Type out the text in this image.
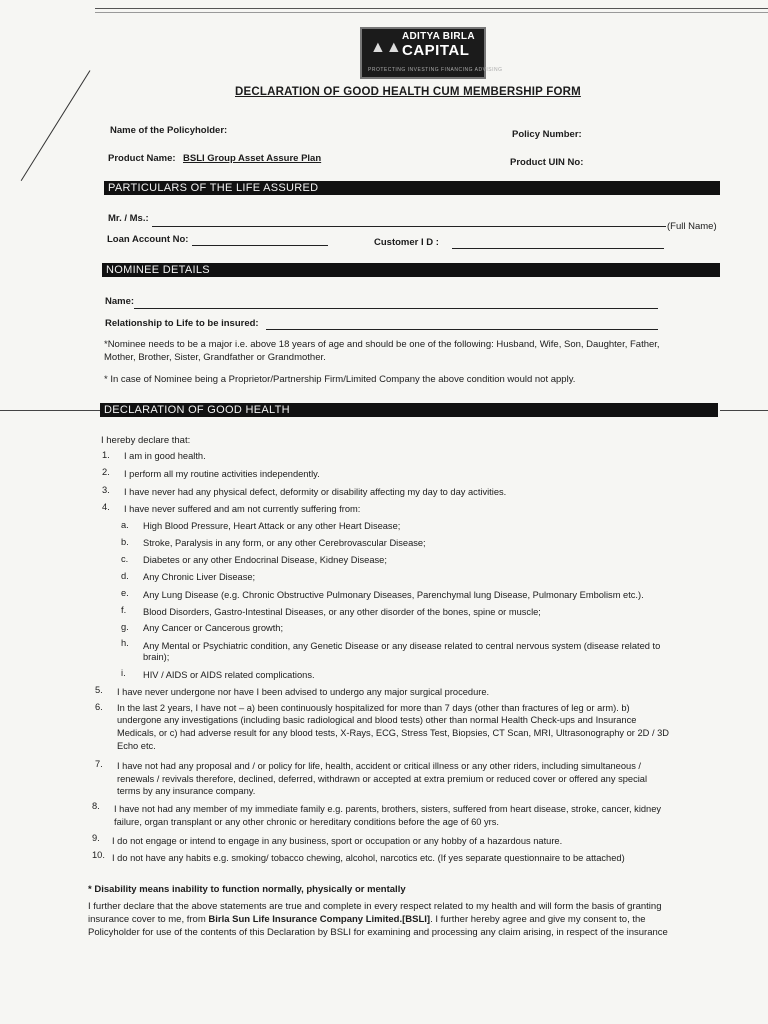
▲▲
ADITYA BIRLA
CAPITAL
PROTECTING INVESTING FINANCING ADVISING
DECLARATION OF GOOD HEALTH CUM MEMBERSHIP FORM
Name of the Policyholder:	Policy Number:
Product Name: BSLI Group Asset Assure Plan	Product UIN No:
PARTICULARS OF THE LIFE ASSURED
Mr. / Ms.:
(Full Name)
Loan Account No:	Customer I D :
NOMINEE DETAILS
Name:
Relationship to Life to be insured:
*Nominee needs to be a major i.e. above 18 years of age and should be one of the following: Husband, Wife, Son, Daughter, Father,
Mother, Brother, Sister, Grandfather or Grandmother.
* In case of Nominee being a Proprietor/Partnership Firm/Limited Company the above condition would not apply.
DECLARATION OF GOOD HEALTH
I hereby declare that:
1. I am in good health.
2. I perform all my routine activities independently.
3. I have never had any physical defect, deformity or disability affecting my day to day activities.
4. I have never suffered and am not currently suffering from:
a. High Blood Pressure, Heart Attack or any other Heart Disease;
b. Stroke, Paralysis in any form, or any other Cerebrovascular Disease;
c. Diabetes or any other Endocrinal Disease, Kidney Disease;
d. Any Chronic Liver Disease;
e. Any Lung Disease (e.g. Chronic Obstructive Pulmonary Diseases, Parenchymal lung Disease, Pulmonary Embolism etc.).
f. Blood Disorders, Gastro-Intestinal Diseases, or any other disorder of the bones, spine or muscle;
g. Any Cancer or Cancerous growth;
h. Any Mental or Psychiatric condition, any Genetic Disease or any disease related to central nervous system (disease related to
brain);
i. HIV / AIDS or AIDS related complications.
5. I have never undergone nor have I been advised to undergo any major surgical procedure.
6. In the last 2 years, I have not – a) been continuously hospitalized for more than 7 days (other than fractures of leg or arm). b)
undergone any investigations (including basic radiological and blood tests) other than normal Health Check-ups and Insurance
Medicals, or c) had adverse result for any blood tests, X-Rays, ECG, Stress Test, Biopsies, CT Scan, MRI, Ultrasonography or 2D / 3D
Echo etc.
7. I have not had any proposal and / or policy for life, health, accident or critical illness or any other riders, including simultaneous /
renewals / revivals therefore, declined, deferred, withdrawn or accepted at extra premium or reduced cover or offered any special
terms by any insurance company.
8. I have not had any member of my immediate family e.g. parents, brothers, sisters, suffered from heart disease, stroke, cancer, kidney
failure, organ transplant or any other chronic or hereditary conditions before the age of 60 yrs.
9. I do not engage or intend to engage in any business, sport or occupation or any hobby of a hazardous nature.
10. I do not have any habits e.g. smoking/ tobacco chewing, alcohol, narcotics etc. (If yes separate questionnaire to be attached)
* Disability means inability to function normally, physically or mentally
I further declare that the above statements are true and complete in every respect related to my health and will form the basis of granting
insurance cover to me, from Birla Sun Life Insurance Company Limited.[BSLI]. I further hereby agree and give my consent to, the
Policyholder for use of the contents of this Declaration by BSLI for examining and processing any claim arising, in respect of the insurance
